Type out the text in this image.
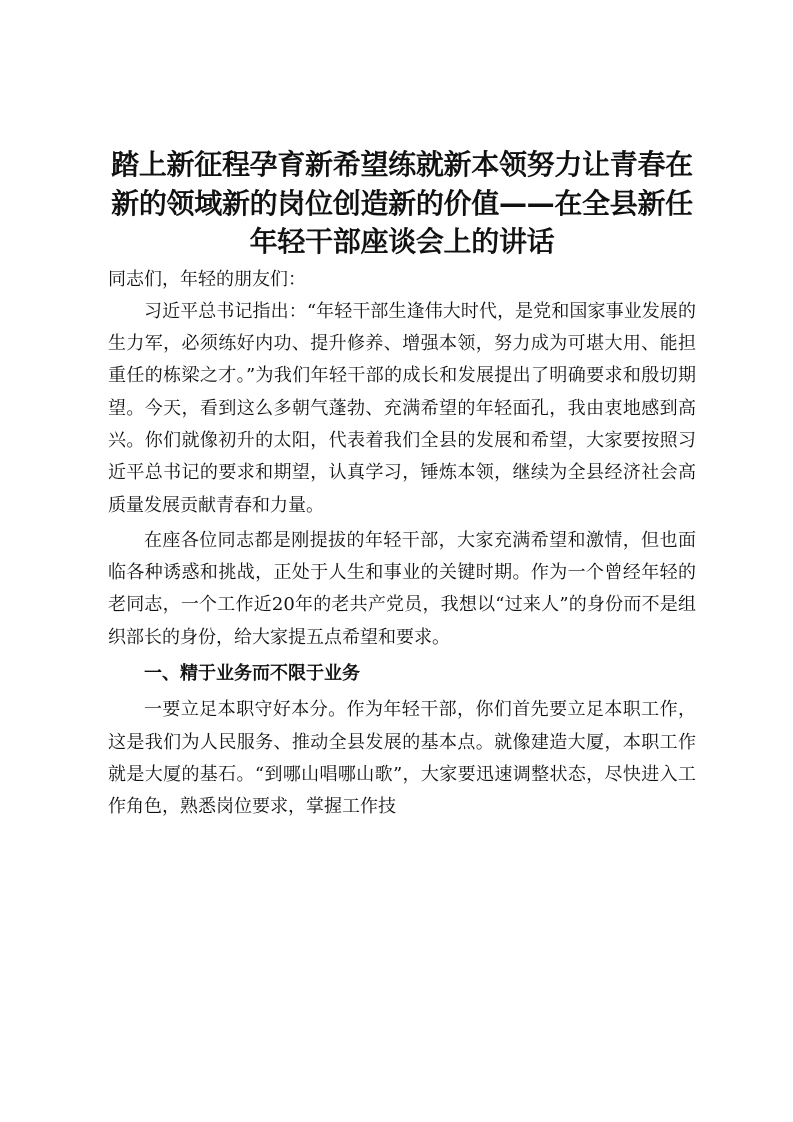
踏上新征程孕育新希望练就新本领努力让青春在新的领域新的岗位创造新的价值——在全县新任年轻干部座谈会上的讲话

同志们，年轻的朋友们：

习近平总书记指出：“年轻干部生逢伟大时代，是党和国家事业发展的生力军，必须练好内功、提升修养、增强本领，努力成为可堪大用、能担重任的栋梁之才。”为我们年轻干部的成长和发展提出了明确要求和殷切期望。今天，看到这么多朝气蓬勃、充满希望的年轻面孔，我由衷地感到高兴。你们就像初升的太阳，代表着我们全县的发展和希望，大家要按照习近平总书记的要求和期望，认真学习，锤炼本领，继续为全县经济社会高质量发展贡献青春和力量。

在座各位同志都是刚提拔的年轻干部，大家充满希望和激情，但也面临各种诱惑和挑战，正处于人生和事业的关键时期。作为一个曾经年轻的老同志，一个工作近20年的老共产党员，我想以“过来人”的身份而不是组织部长的身份，给大家提五点希望和要求。

一、精于业务而不限于业务

一要立足本职守好本分。作为年轻干部，你们首先要立足本职工作，这是我们为人民服务、推动全县发展的基本点。就像建造大厦，本职工作就是大厦的基石。“到哪山唱哪山歌”，大家要迅速调整状态，尽快进入工作角色，熟悉岗位要求，掌握工作技
